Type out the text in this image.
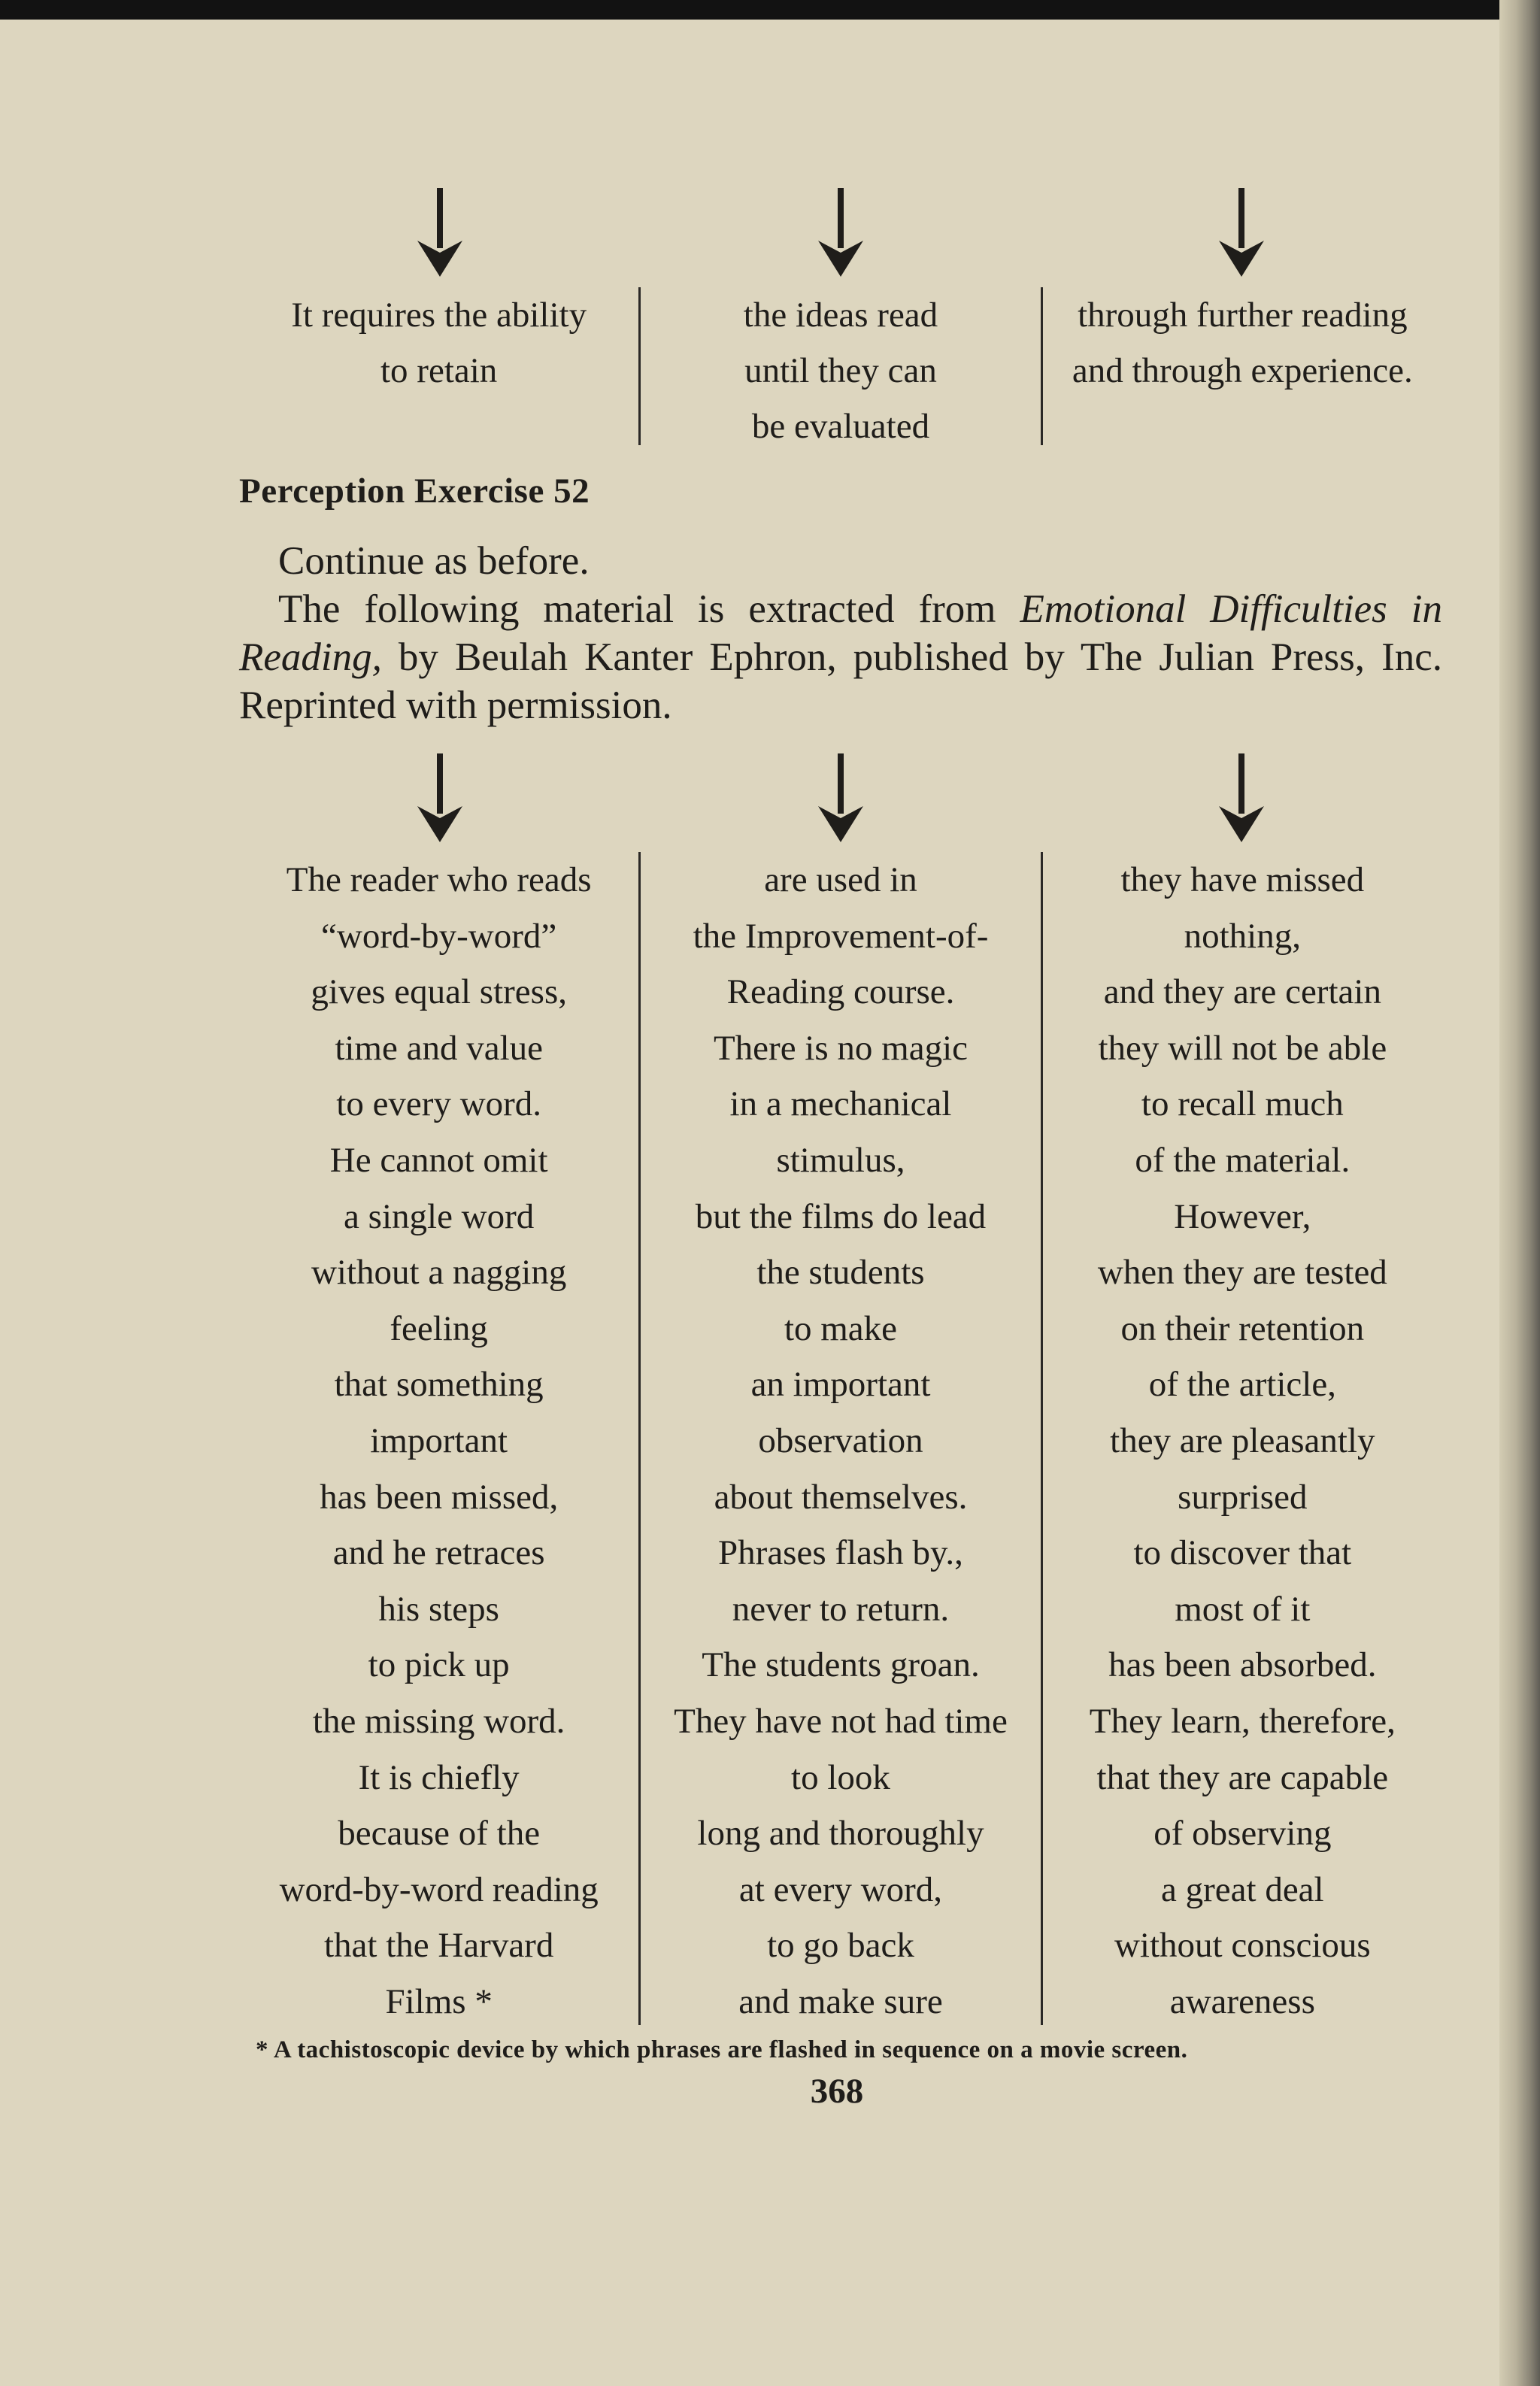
It requires the ability
to retain
the ideas read
until they can
be evaluated
through further reading
and through experience.
Perception Exercise 52
Continue as before.
The following material is extracted from Emotional Difficulties in Reading, by Beulah Kanter Ephron, published by The Julian Press, Inc. Reprinted with permission.
The reader who reads
“word-by-word”
gives equal stress,
time and value
to every word.
He cannot omit
a single word
without a nagging
feeling
that something
important
has been missed,
and he retraces
his steps
to pick up
the missing word.
It is chiefly
because of the
word-by-word reading
that the Harvard
Films *
are used in
the Improvement-of-
Reading course.
There is no magic
in a mechanical
stimulus,
but the films do lead
the students
to make
an important
observation
about themselves.
Phrases flash by.,
never to return.
The students groan.
They have not had time
to look
long and thoroughly
at every word,
to go back
and make sure
they have missed
nothing,
and they are certain
they will not be able
to recall much
of the material.
However,
when they are tested
on their retention
of the article,
they are pleasantly
surprised
to discover that
most of it
has been absorbed.
They learn, therefore,
that they are capable
of observing
a great deal
without conscious
awareness
* A tachistoscopic device by which phrases are flashed in sequence on a movie screen.
368
